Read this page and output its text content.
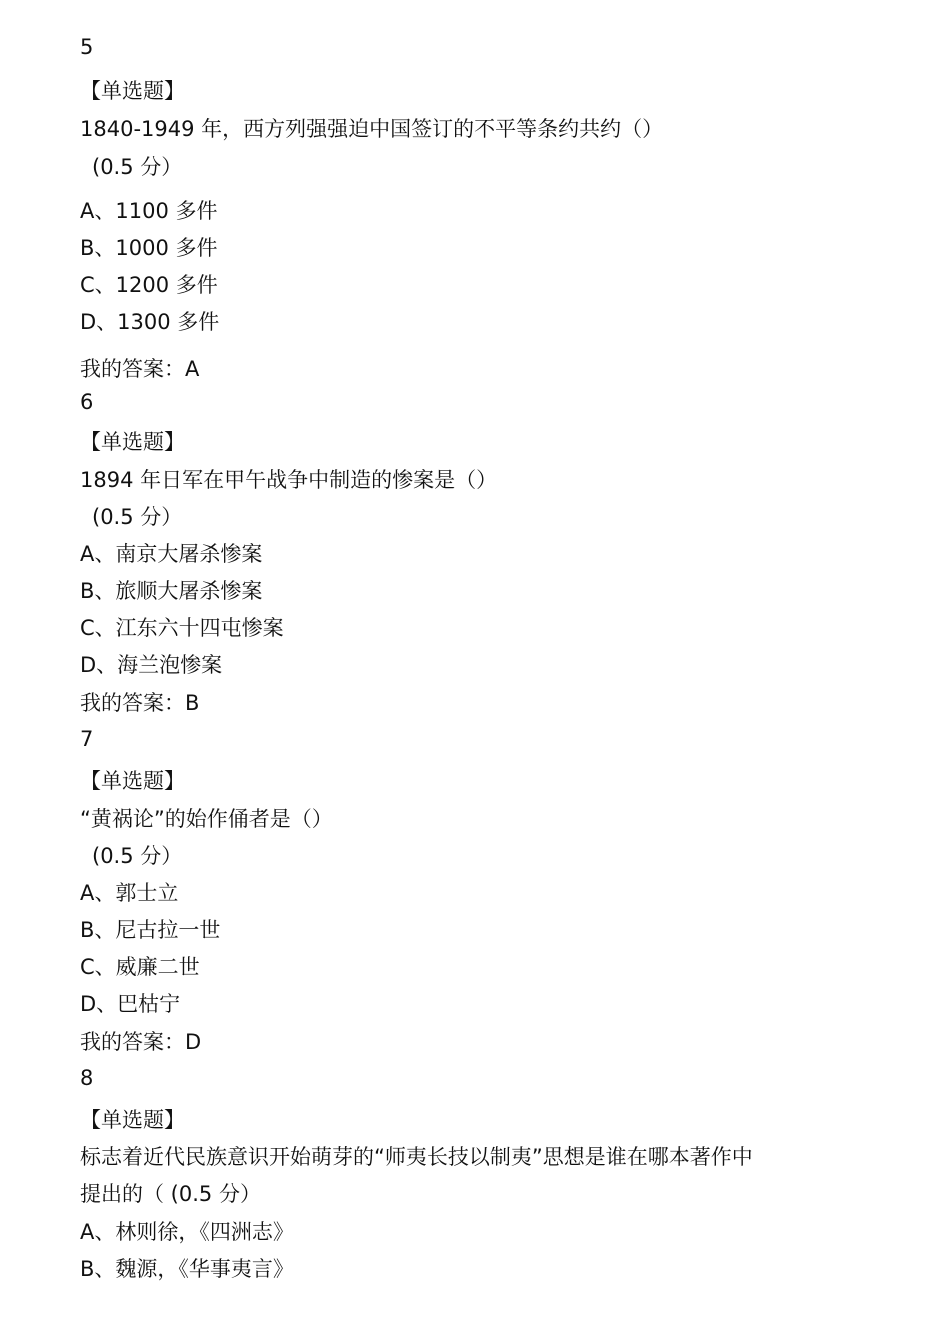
5
【单选题】
1840-1949 年，西方列强强迫中国签订的不平等条约共约（）
(0.5 分）
A、1100 多件
B、1000 多件
C、1200 多件
D、1300 多件
我的答案：A
6
【单选题】
1894 年日军在甲午战争中制造的惨案是（）
(0.5 分）
A、南京大屠杀惨案
B、旅顺大屠杀惨案
C、江东六十四屯惨案
D、海兰泡惨案
我的答案：B
7
【单选题】
“黄祸论”的始作俑者是（）
(0.5 分）
A、郭士立
B、尼古拉一世
C、威廉二世
D、巴枯宁
我的答案：D
8
【单选题】
标志着近代民族意识开始萌芽的“师夷长技以制夷”思想是谁在哪本著作中
提出的（ (0.5 分）
A、林则徐，《四洲志》
B、魏源，《华事夷言》
